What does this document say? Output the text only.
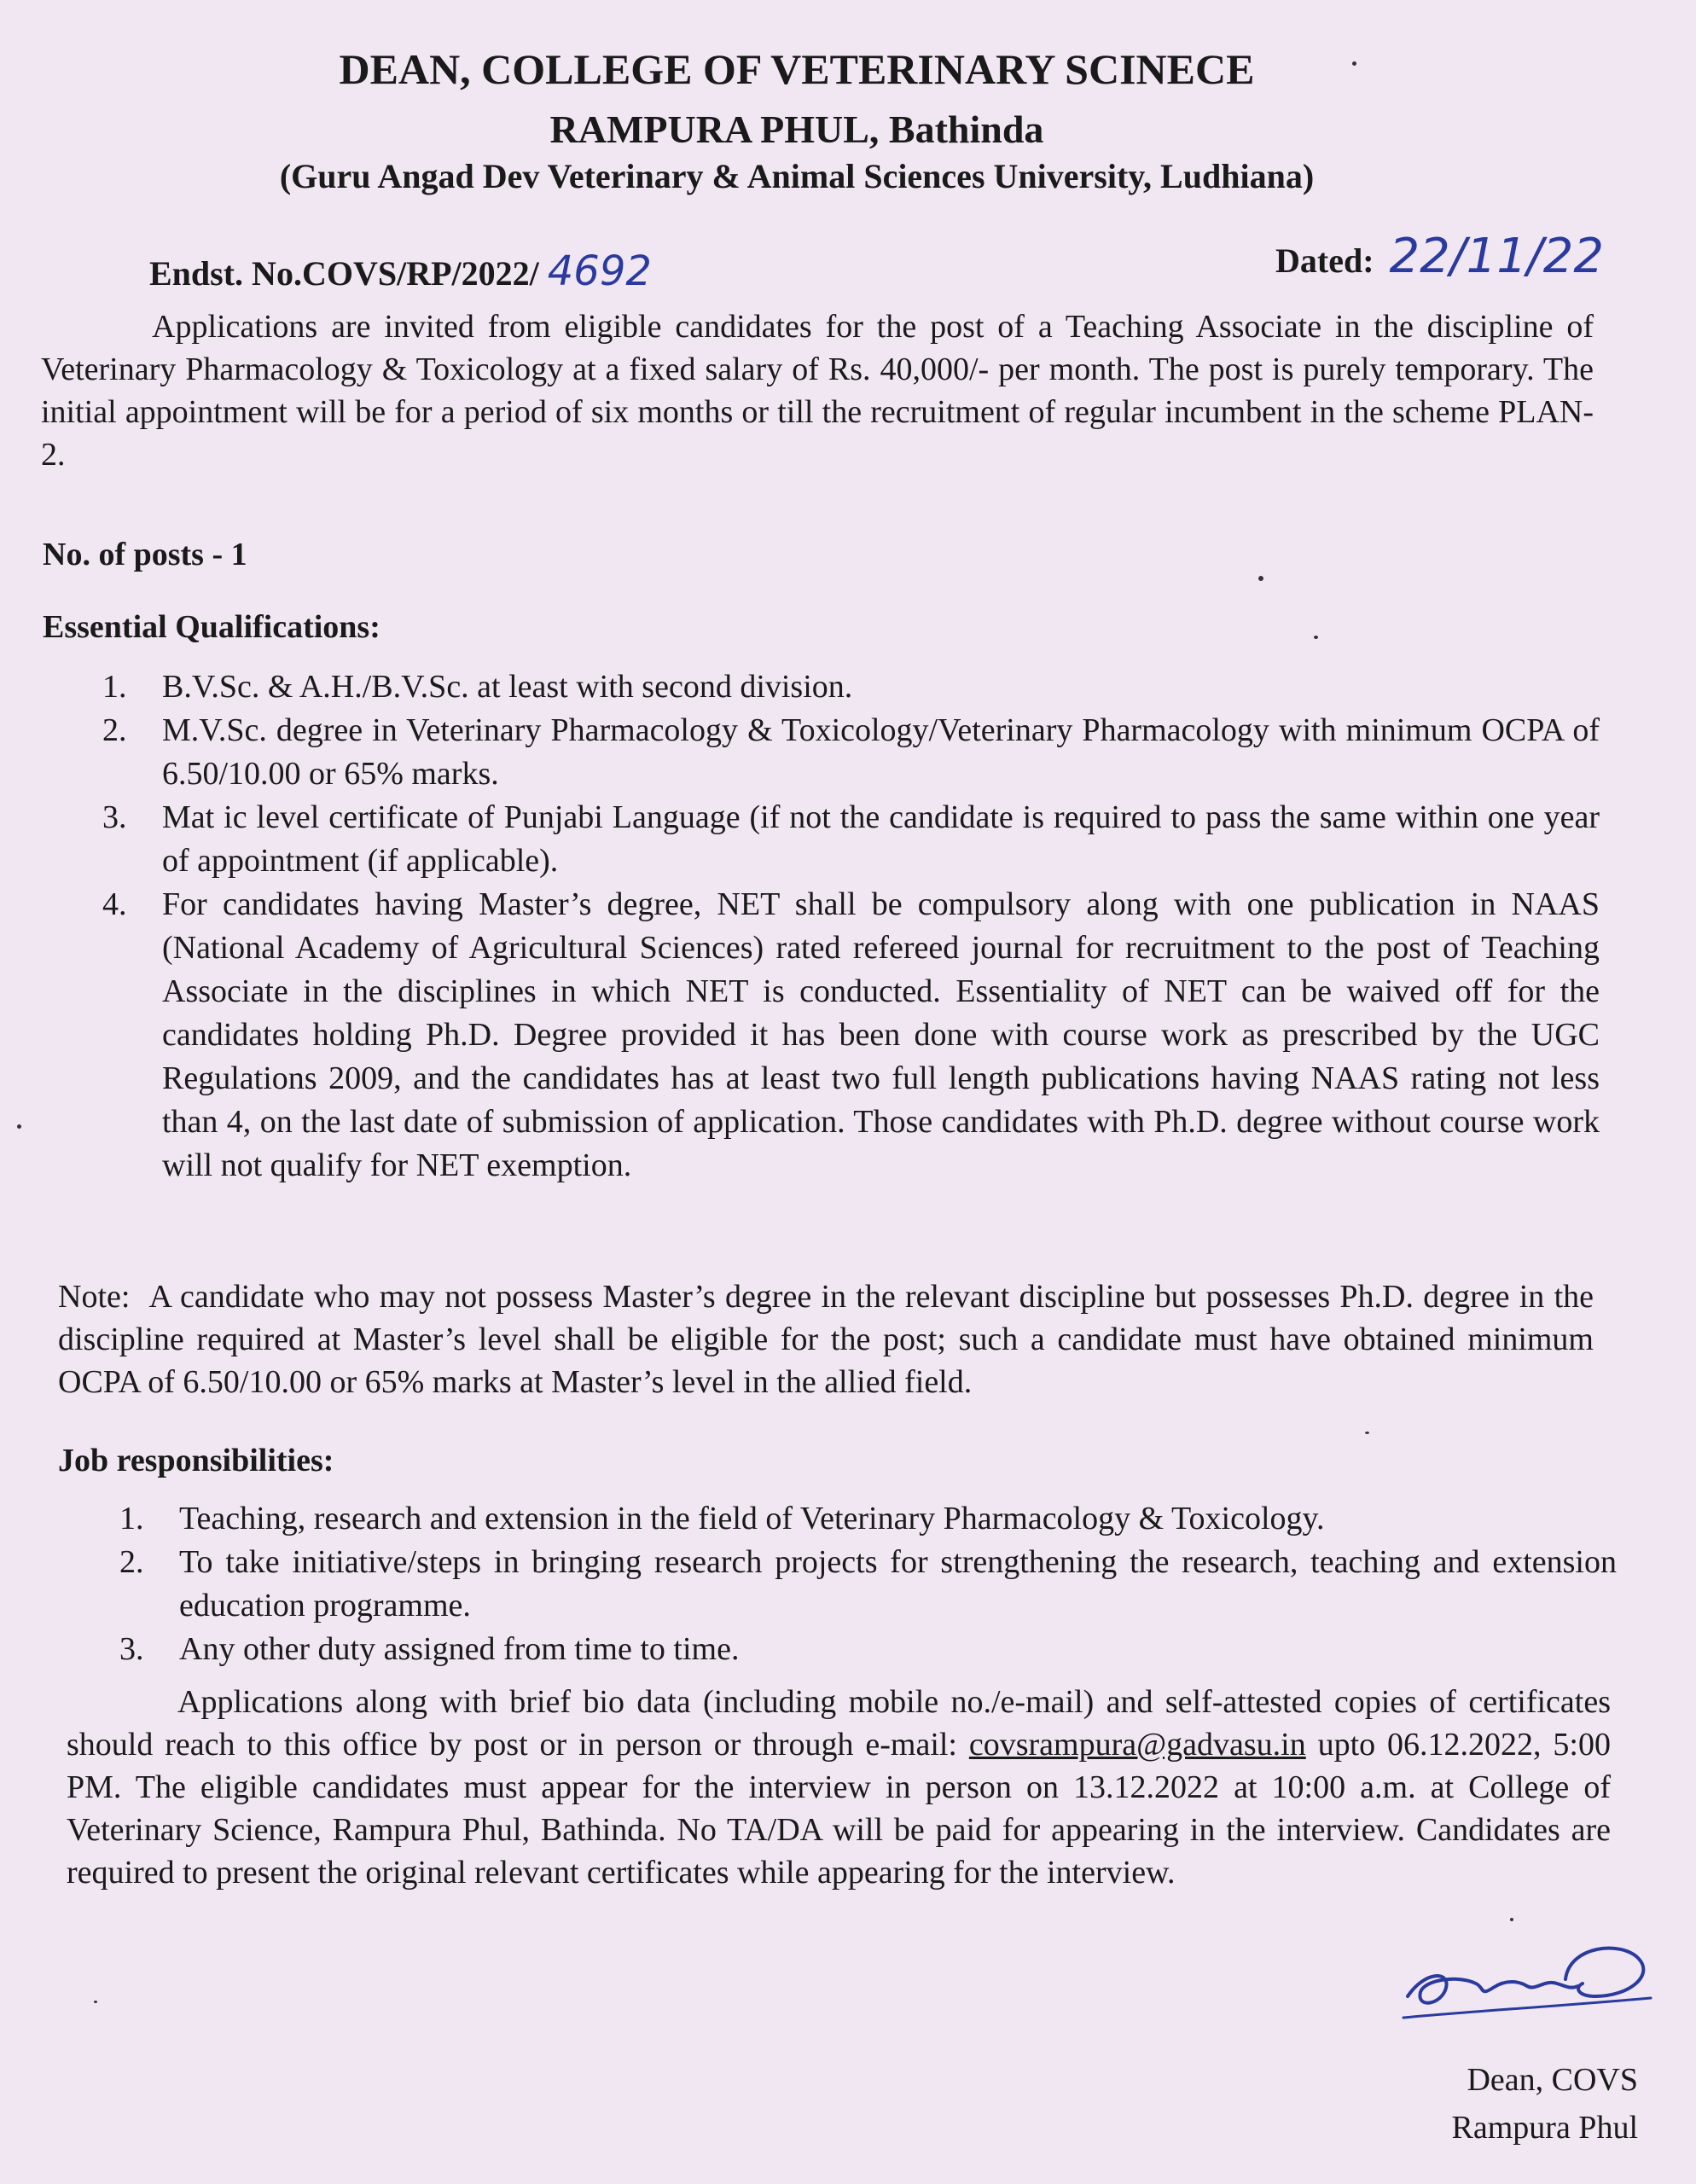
DEAN, COLLEGE OF VETERINARY SCINECE
RAMPURA PHUL, Bathinda
(Guru Angad Dev Veterinary & Animal Sciences University, Ludhiana)
Endst. No.COVS/RP/2022/ 4692	Dated: 22/11/22
Applications are invited from eligible candidates for the post of a Teaching Associate in the discipline of Veterinary Pharmacology & Toxicology at a fixed salary of Rs. 40,000/- per month. The post is purely temporary. The initial appointment will be for a period of six months or till the recruitment of regular incumbent in the scheme PLAN-2.
No. of posts - 1
Essential Qualifications:
1. B.V.Sc. & A.H./B.V.Sc. at least with second division.
2. M.V.Sc. degree in Veterinary Pharmacology & Toxicology/Veterinary Pharmacology with minimum OCPA of 6.50/10.00 or 65% marks.
3. Mat ic level certificate of Punjabi Language (if not the candidate is required to pass the same within one year of appointment (if applicable).
4. For candidates having Master’s degree, NET shall be compulsory along with one publication in NAAS (National Academy of Agricultural Sciences) rated refereed journal for recruitment to the post of Teaching Associate in the disciplines in which NET is conducted. Essentiality of NET can be waived off for the candidates holding Ph.D. Degree provided it has been done with course work as prescribed by the UGC Regulations 2009, and the candidates has at least two full length publications having NAAS rating not less than 4, on the last date of submission of application. Those candidates with Ph.D. degree without course work will not qualify for NET exemption.
Note: A candidate who may not possess Master’s degree in the relevant discipline but possesses Ph.D. degree in the discipline required at Master’s level shall be eligible for the post; such a candidate must have obtained minimum OCPA of 6.50/10.00 or 65% marks at Master’s level in the allied field.
Job responsibilities:
1. Teaching, research and extension in the field of Veterinary Pharmacology & Toxicology.
2. To take initiative/steps in bringing research projects for strengthening the research, teaching and extension education programme.
3. Any other duty assigned from time to time.
Applications along with brief bio data (including mobile no./e-mail) and self-attested copies of certificates should reach to this office by post or in person or through e-mail: covsrampura@gadvasu.in upto 06.12.2022, 5:00 PM. The eligible candidates must appear for the interview in person on 13.12.2022 at 10:00 a.m. at College of Veterinary Science, Rampura Phul, Bathinda. No TA/DA will be paid for appearing in the interview. Candidates are required to present the original relevant certificates while appearing for the interview.
Dean, COVS
Rampura Phul
